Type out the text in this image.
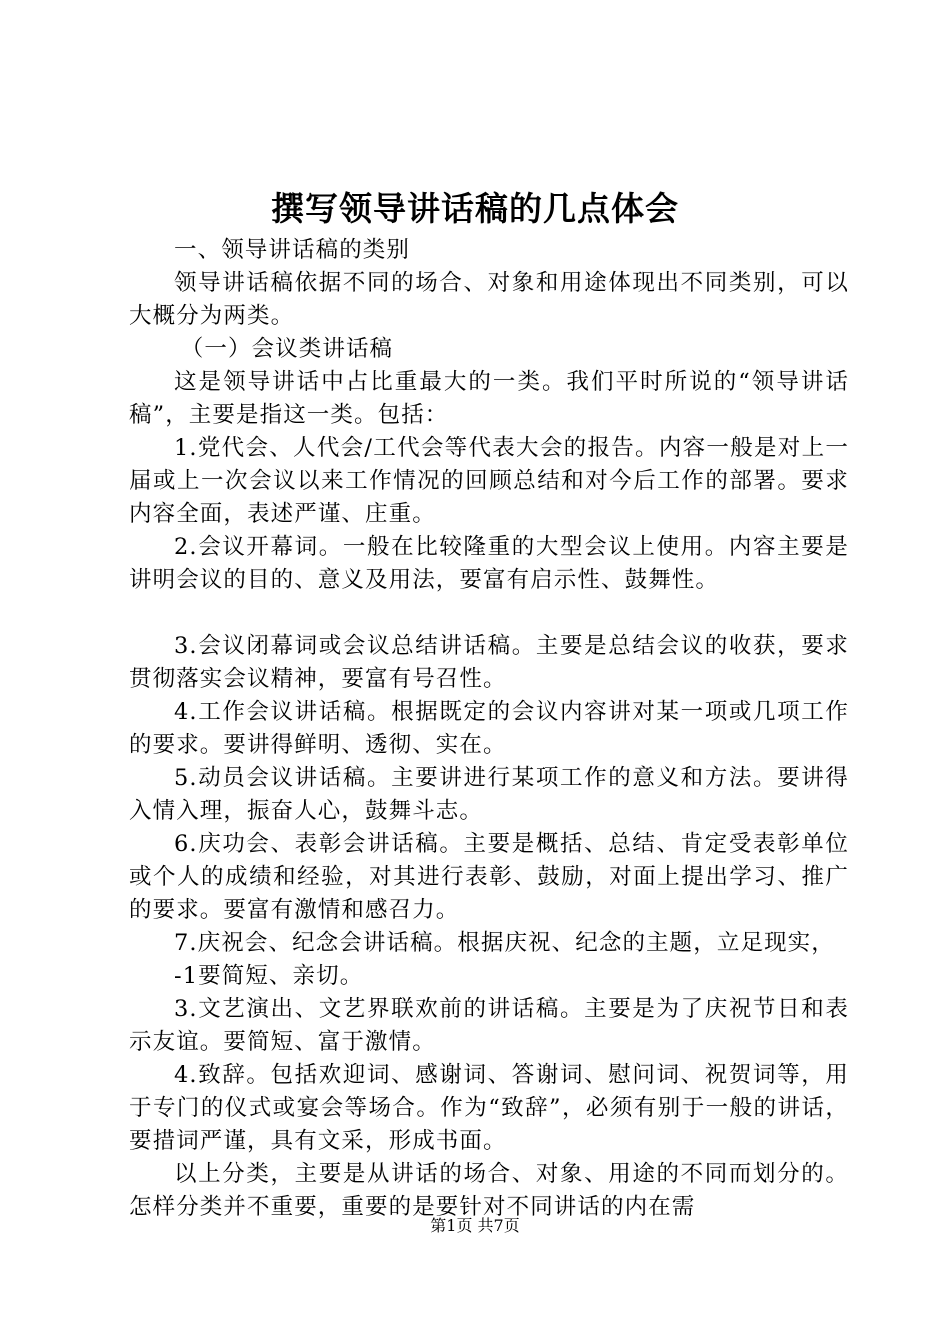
撰写领导讲话稿的几点体会

一、领导讲话稿的类别

领导讲话稿依据不同的场合、对象和用途体现出不同类别，可以大概分为两类。

（一）会议类讲话稿

这是领导讲话中占比重最大的一类。我们平时所说的“领导讲话稿”，主要是指这一类。包括：

1.党代会、人代会/工代会等代表大会的报告。内容一般是对上一届或上一次会议以来工作情况的回顾总结和对今后工作的部署。要求内容全面，表述严谨、庄重。

2.会议开幕词。一般在比较隆重的大型会议上使用。内容主要是讲明会议的目的、意义及用法，要富有启示性、鼓舞性。

3.会议闭幕词或会议总结讲话稿。主要是总结会议的收获，要求贯彻落实会议精神，要富有号召性。

4.工作会议讲话稿。根据既定的会议内容讲对某一项或几项工作的要求。要讲得鲜明、透彻、实在。

5.动员会议讲话稿。主要讲进行某项工作的意义和方法。要讲得入情入理，振奋人心，鼓舞斗志。

6.庆功会、表彰会讲话稿。主要是概括、总结、肯定受表彰单位或个人的成绩和经验，对其进行表彰、鼓励，对面上提出学习、推广的要求。要富有激情和感召力。

7.庆祝会、纪念会讲话稿。根据庆祝、纪念的主题，立足现实，

-1要简短、亲切。

3.文艺演出、文艺界联欢前的讲话稿。主要是为了庆祝节日和表示友谊。要简短、富于激情。

4.致辞。包括欢迎词、感谢词、答谢词、慰问词、祝贺词等，用于专门的仪式或宴会等场合。作为“致辞”，必须有别于一般的讲话，要措词严谨，具有文采，形成书面。

以上分类，主要是从讲话的场合、对象、用途的不同而划分的。怎样分类并不重要，重要的是要针对不同讲话的内在需

第1页 共7页
